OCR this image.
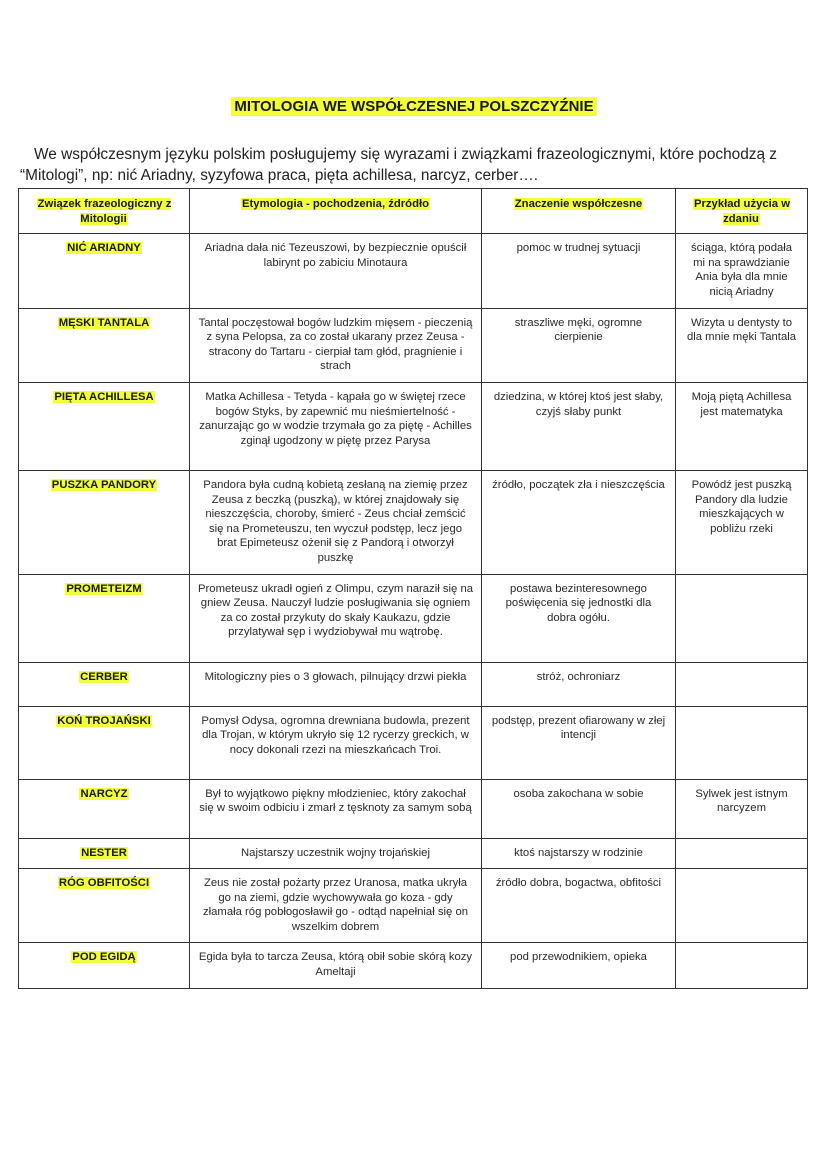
MITOLOGIA WE WSPÓŁCZESNEJ POLSZCZYŹNIE
We współczesnym języku polskim posługujemy się wyrazami i związkami frazeologicznymi, które pochodzą z “Mitologi”, np: nić Ariadny, syzyfowa praca, pięta achillesa, narcyz, cerber….
Związek frazeologiczny z Mitologii	Etymologia - pochodzenia, źdródło	Znaczenie współczesne	Przykład użycia w zdaniu
NIĆ ARIADNY	Ariadna dała nić Tezeuszowi, by bezpiecznie opuścił labirynt po zabiciu Minotaura	pomoc w trudnej sytuacji	ściąga, którą podała mi na sprawdzianie Ania była dla mnie nicią Ariadny
MĘSKI TANTALA	Tantal poczęstował bogów ludzkim mięsem - pieczenią z syna Pelopsa, za co został ukarany przez Zeusa - stracony do Tartaru - cierpiał tam głód, pragnienie i strach	straszliwe męki, ogromne cierpienie	Wizyta u dentysty to dla mnie męki Tantala
PIĘTA ACHILLESA	Matka Achillesa - Tetyda - kąpała go w świętej rzece bogów Styks, by zapewnić mu nieśmiertelność - zanurzając go w wodzie trzymała go za piętę - Achilles zginął ugodzony w piętę przez Parysa	dziedzina, w której ktoś jest słaby, czyjś słaby punkt	Moją piętą Achillesa jest matematyka
PUSZKA PANDORY	Pandora była cudną kobietą zesłaną na ziemię przez Zeusa z beczką (puszką), w której znajdowały się nieszczęścia, choroby, śmierć - Zeus chciał zemścić się na Prometeuszu, ten wyczuł podstęp, lecz jego brat Epimeteusz ożenił się z Pandorą i otworzył puszkę	źródło, początek zła i nieszczęścia	Powódź jest puszką Pandory dla ludzie mieszkających w pobliżu rzeki
PROMETEIZM	Prometeusz ukradł ogień z Olimpu, czym naraził się na gniew Zeusa. Nauczył ludzie posługiwania się ogniem za co został przykuty do skały Kaukazu, gdzie przylatywał sęp i wydziobywał mu wątrobę.	postawa bezinteresownego poświęcenia się jednostki dla dobra ogółu.	
CERBER	Mitologiczny pies o 3 głowach, pilnujący drzwi piekła	stróż, ochroniarz	
KOŃ TROJAŃSKI	Pomysł Odysa, ogromna drewniana budowla, prezent dla Trojan, w którym ukryło się 12 rycerzy greckich, w nocy dokonali rzezi na mieszkańcach Troi.	podstęp, prezent ofiarowany w złej intencji	
NARCYZ	Był to wyjątkowo piękny młodzieniec, który zakochał się w swoim odbiciu i zmarł z tęsknoty za samym sobą	osoba zakochana w sobie	Sylwek jest istnym narcyzem
NESTER	Najstarszy uczestnik wojny trojańskiej	ktoś najstarszy w rodzinie	
RÓG OBFITOŚCI	Zeus nie został pożarty przez Uranosa, matka ukryła go na ziemi, gdzie wychowywała go koza - gdy złamała róg pobłogosławił go - odtąd napełniał się on wszelkim dobrem	źródło dobra, bogactwa, obfitości	
POD EGIDĄ	Egida była to tarcza Zeusa, którą obił sobie skórą kozy Ameltaji	pod przewodnikiem, opieka	
